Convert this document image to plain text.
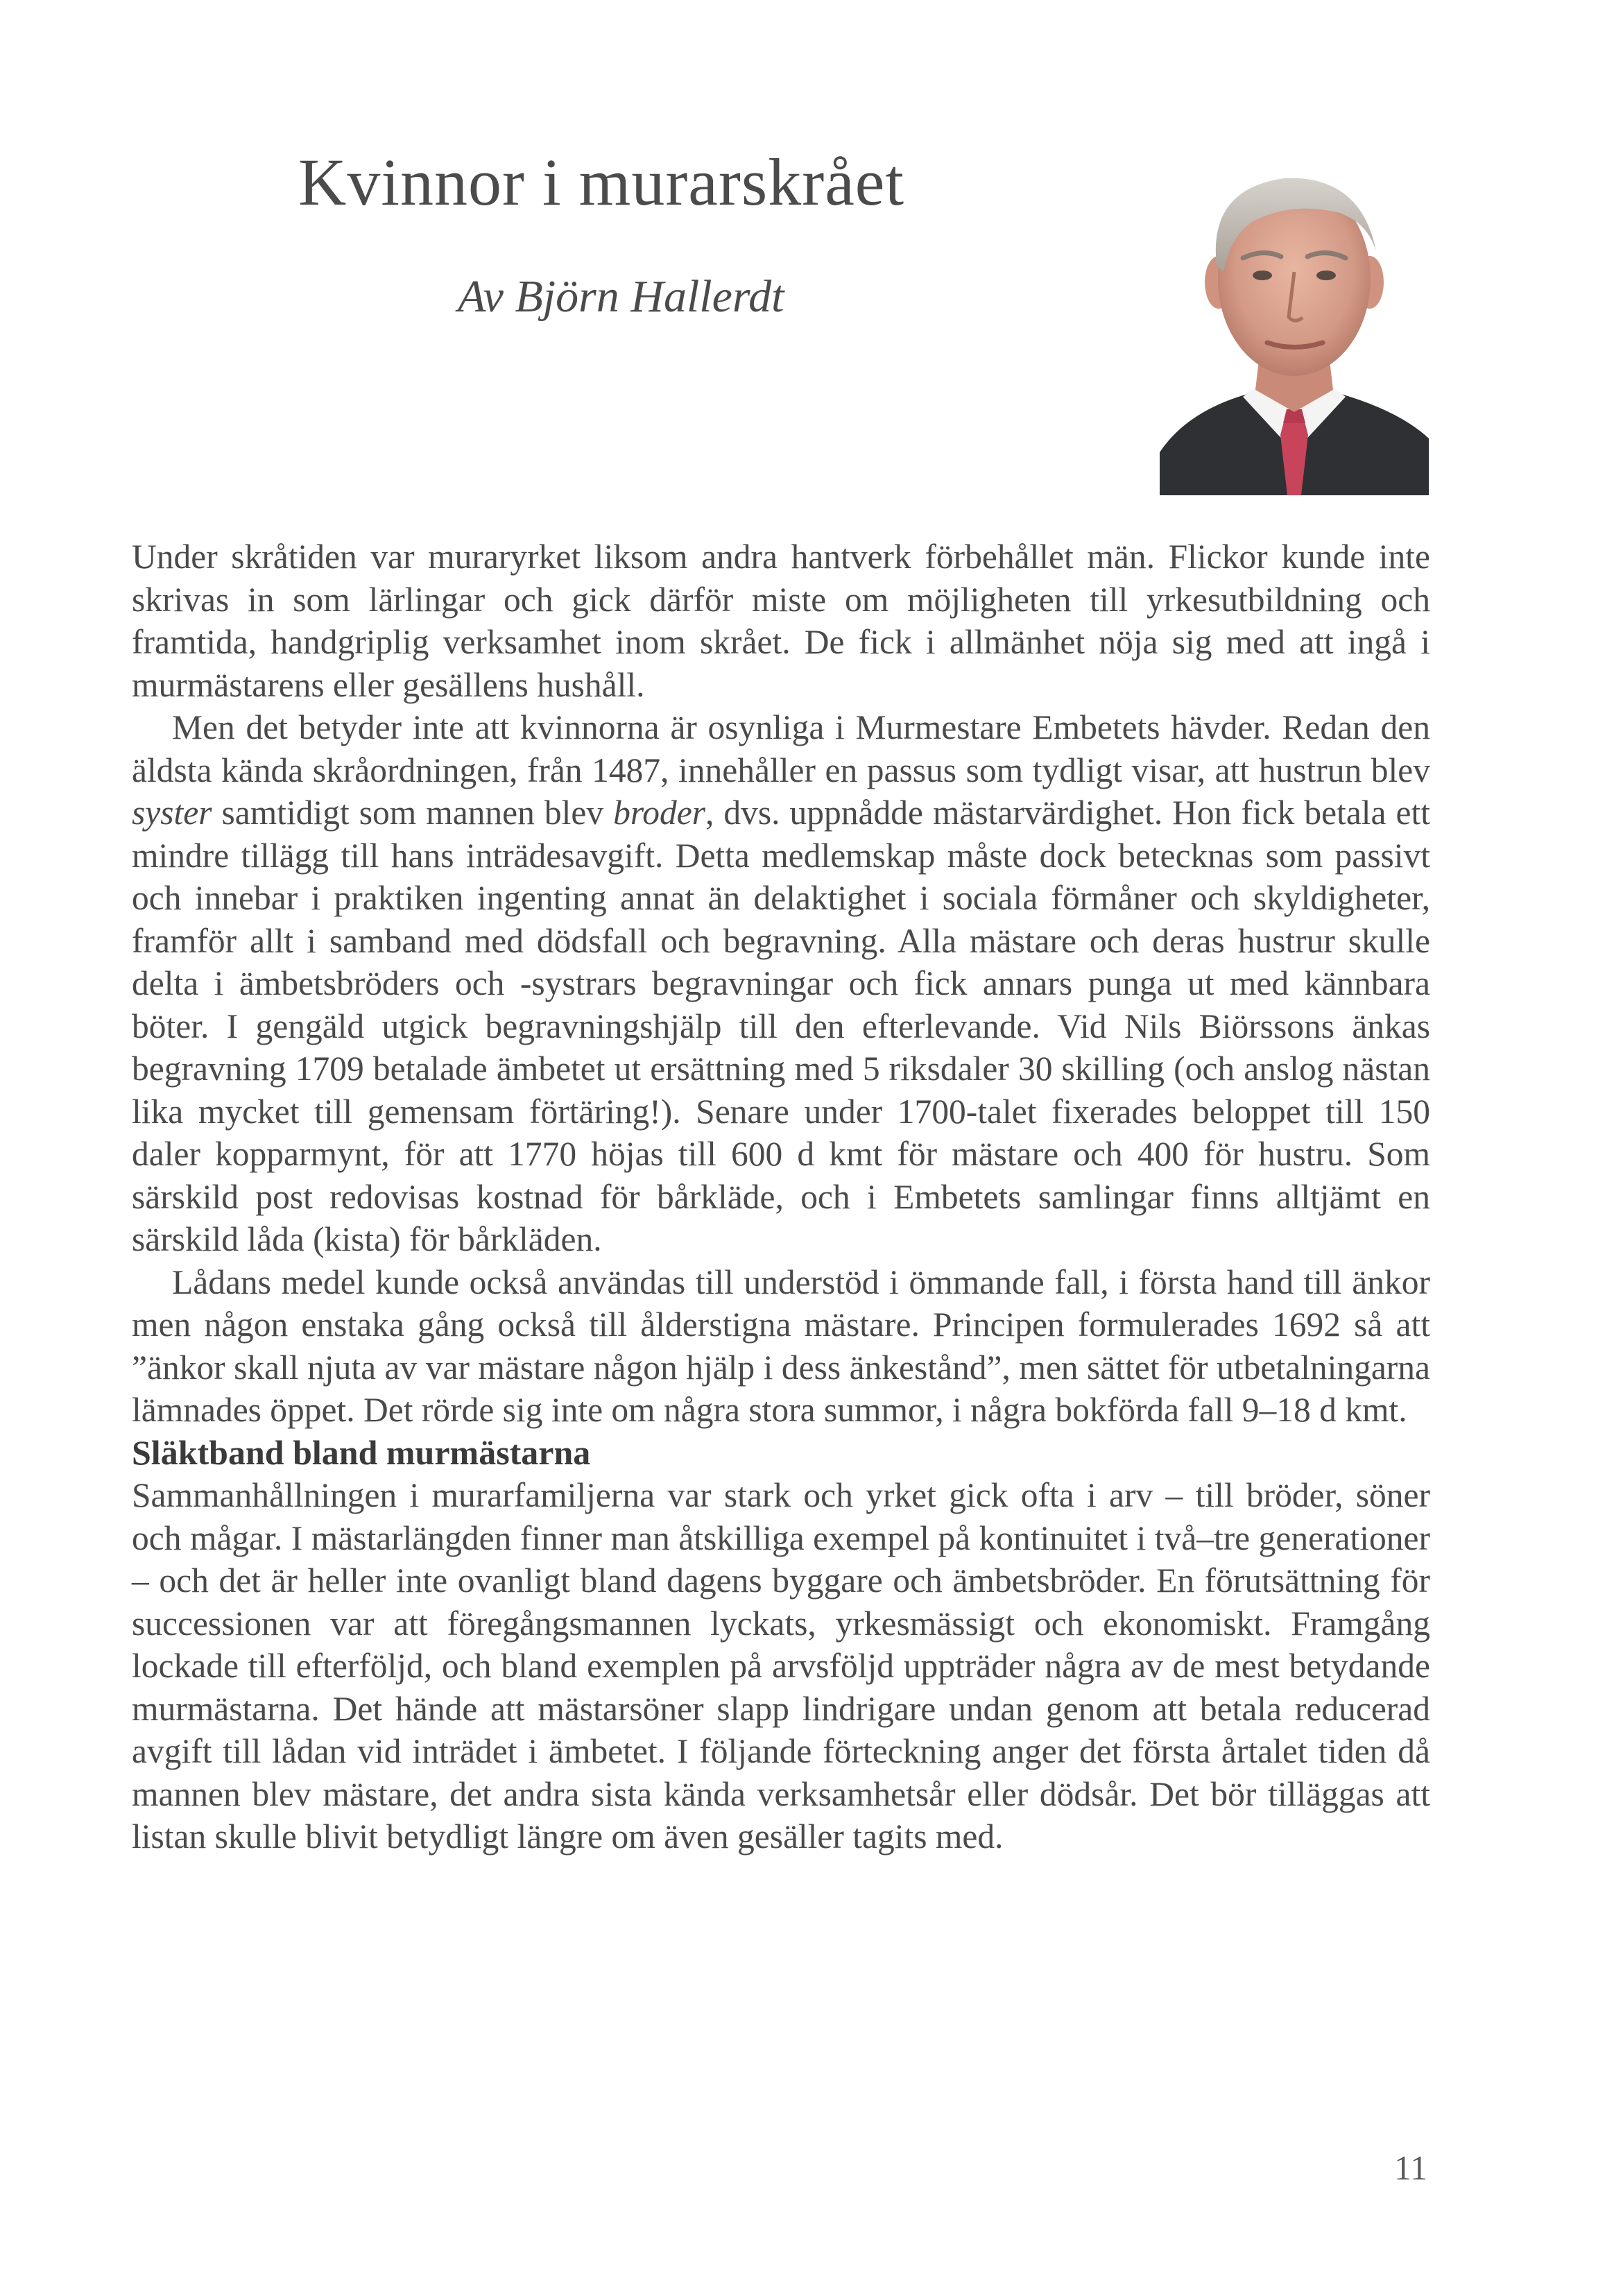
Kvinnor i murarskrået

Av Björn Hallerdt

Under skråtiden var muraryrket liksom andra hantverk förbehållet män. Flickor kunde inte skrivas in som lärlingar och gick därför miste om möjligheten till yrkesutbildning och framtida, handgriplig verksamhet inom skrået. De fick i allmänhet nöja sig med att ingå i murmästarens eller gesällens hushåll.

Men det betyder inte att kvinnorna är osynliga i Murmestare Embetets hävder. Redan den äldsta kända skråordningen, från 1487, innehåller en passus som tydligt visar, att hustrun blev syster samtidigt som mannen blev broder, dvs. uppnådde mästarvärdighet. Hon fick betala ett mindre tillägg till hans inträdesavgift. Detta medlemskap måste dock betecknas som passivt och innebar i praktiken ingenting annat än delaktighet i sociala förmåner och skyldigheter, framför allt i samband med dödsfall och begravning. Alla mästare och deras hustrur skulle delta i ämbetsbröders och -systrars begravningar och fick annars punga ut med kännbara böter. I gengäld utgick begravningshjälp till den efterlevande. Vid Nils Biörssons änkas begravning 1709 betalade ämbetet ut ersättning med 5 riksdaler 30 skilling (och anslog nästan lika mycket till gemensam förtäring!). Senare under 1700-talet fixerades beloppet till 150 daler kopparmynt, för att 1770 höjas till 600 d kmt för mästare och 400 för hustru. Som särskild post redovisas kostnad för bårkläde, och i Embetets samlingar finns alltjämt en särskild låda (kista) för bårkläden.

Lådans medel kunde också användas till understöd i ömmande fall, i första hand till änkor men någon enstaka gång också till ålderstigna mästare. Principen formulerades 1692 så att ”änkor skall njuta av var mästare någon hjälp i dess änkestånd”, men sättet för utbetalningarna lämnades öppet. Det rörde sig inte om några stora summor, i några bokförda fall 9–18 d kmt.

Släktband bland murmästarna

Sammanhållningen i murarfamiljerna var stark och yrket gick ofta i arv – till bröder, söner och mågar. I mästarlängden finner man åtskilliga exempel på kontinuitet i två–tre generationer – och det är heller inte ovanligt bland dagens byggare och ämbetsbröder. En förutsättning för successionen var att föregångsmannen lyckats, yrkesmässigt och ekonomiskt. Framgång lockade till efterföljd, och bland exemplen på arvsföljd uppträder några av de mest betydande murmästarna. Det hände att mästarsöner slapp lindrigare undan genom att betala reducerad avgift till lådan vid inträdet i ämbetet. I följande förteckning anger det första årtalet tiden då mannen blev mästare, det andra sista kända verksamhetsår eller dödsår. Det bör tilläggas att listan skulle blivit betydligt längre om även gesäller tagits med.

11
